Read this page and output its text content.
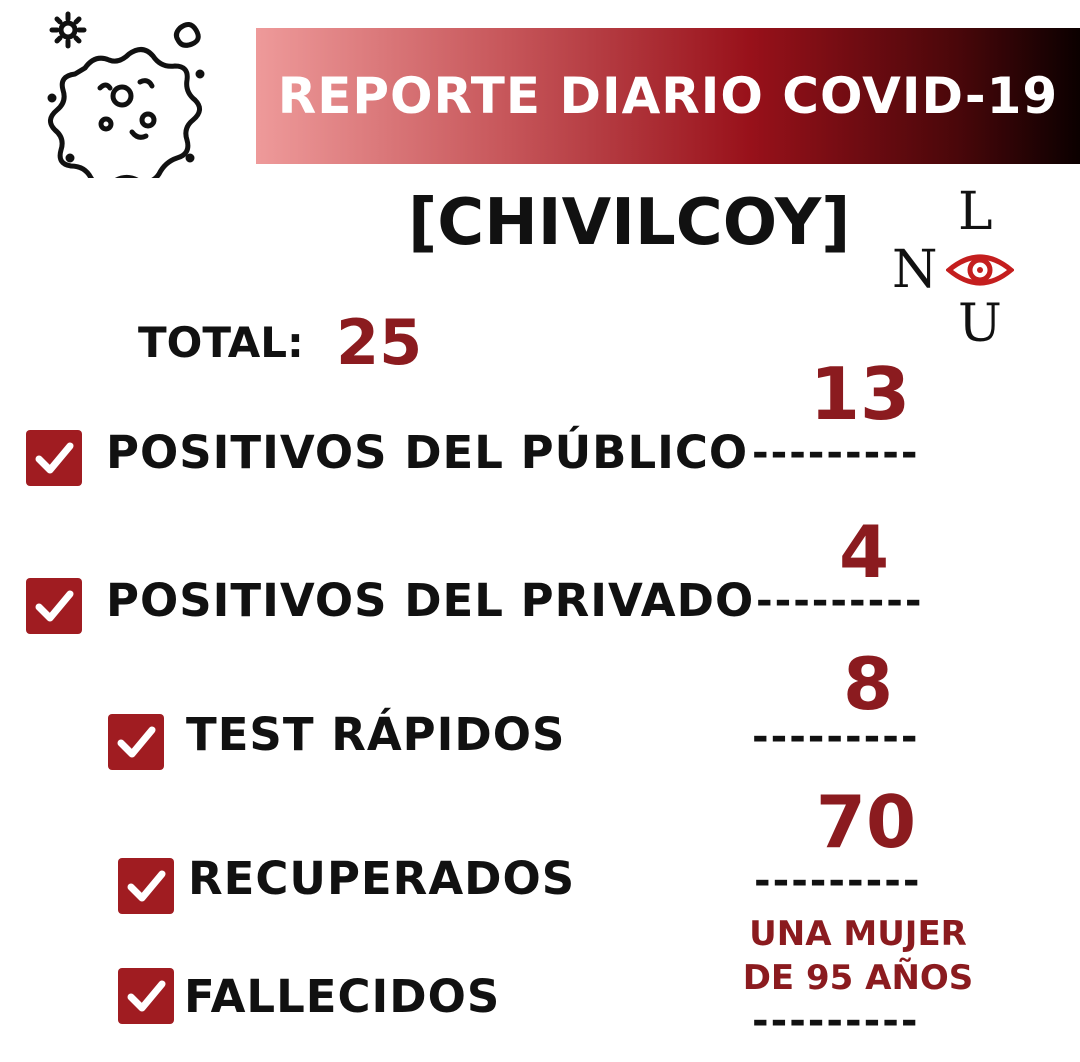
REPORTE DIARIO COVID-19
[CHIVILCOY] L
N
U
TOTAL: 25
13
POSITIVOS DEL PÚBLICO ---------
4
POSITIVOS DEL PRIVADO ---------
8
TEST RÁPIDOS	---------
70
RECUPERADOS	---------
UNA MUJER
DE 95 AÑOS
FALLECIDOS	---------
